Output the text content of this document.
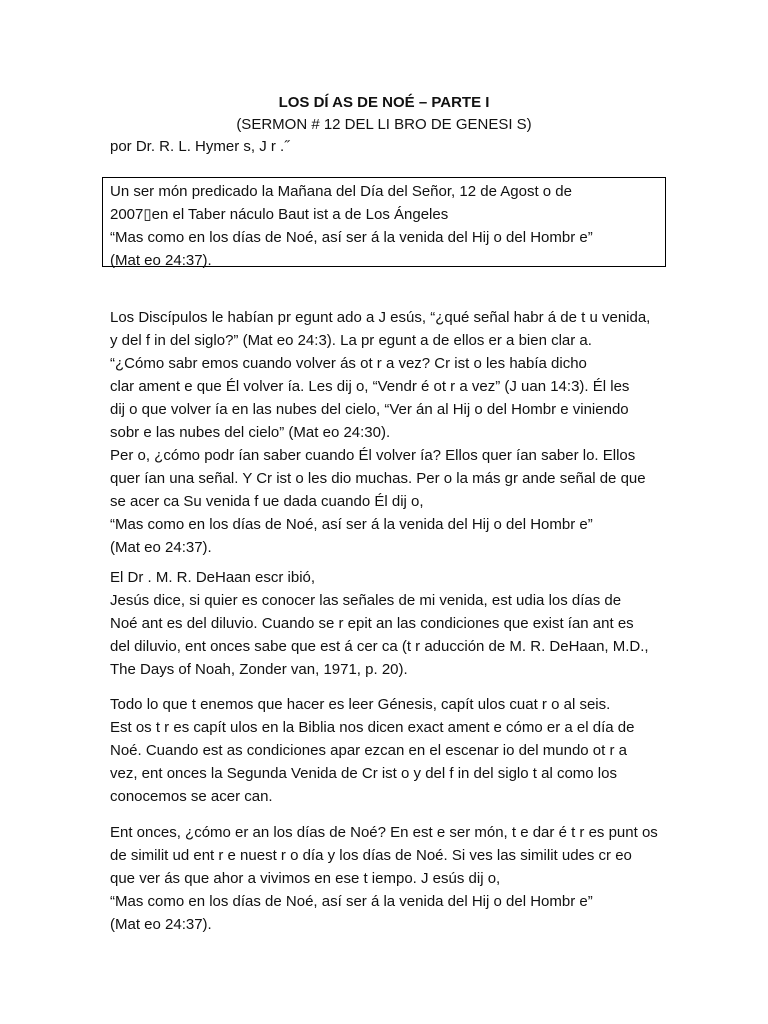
LOS DÍ AS DE NOÉ – PARTE I
(SERMON # 12 DEL LI BRO DE GENESI S)
por Dr. R. L. Hymer s, J r .˝
Un ser món predicado la Mañana del Día del Señor, 12 de Agost o de
2007▯en el Taber náculo Baut ist a de Los Ángeles
“Mas como en los días de Noé, así ser á la venida del Hij o del Hombr e”
(Mat eo 24:37).
Los Discípulos le habían pr egunt ado a J esús, “¿qué señal habr á de t u venida,
y del f in del siglo?” (Mat eo 24:3). La pr egunt a de ellos er a bien clar a.
“¿Cómo sabr emos cuando volver ás ot r a vez? Cr ist o les había dicho
clar ament e que Él volver ía. Les dij o, “Vendr é ot r a vez” (J uan 14:3). Él les
dij o que volver ía en las nubes del cielo, “Ver án al Hij o del Hombr e viniendo
sobr e las nubes del cielo” (Mat eo 24:30).
Per o, ¿cómo podr ían saber cuando Él volver ía? Ellos quer ían saber lo. Ellos
quer ían una señal. Y Cr ist o les dio muchas. Per o la más gr ande señal de que
se acer ca Su venida f ue dada cuando Él dij o,
“Mas como en los días de Noé, así ser á la venida del Hij o del Hombr e”
(Mat eo 24:37).
El Dr . M. R. DeHaan escr ibió,
Jesús dice, si quier es conocer las señales de mi venida, est udia los días de
Noé ant es del diluvio. Cuando se r epit an las condiciones que exist ían ant es
del diluvio, ent onces sabe que est á cer ca (t r aducción de M. R. DeHaan, M.D.,
The Days of Noah, Zonder van, 1971, p. 20).
Todo lo que t enemos que hacer es leer Génesis, capít ulos cuat r o al seis.
Est os t r es capít ulos en la Biblia nos dicen exact ament e cómo er a el día de
Noé. Cuando est as condiciones apar ezcan en el escenar io del mundo ot r a
vez, ent onces la Segunda Venida de Cr ist o y del f in del siglo t al como los
conocemos se acer can.
Ent onces, ¿cómo er an los días de Noé? En est e ser món, t e dar é t r es punt os
de similit ud ent r e nuest r o día y los días de Noé. Si ves las similit udes cr eo
que ver ás que ahor a vivimos en ese t iempo. J esús dij o,
“Mas como en los días de Noé, así ser á la venida del Hij o del Hombr e”
(Mat eo 24:37).
